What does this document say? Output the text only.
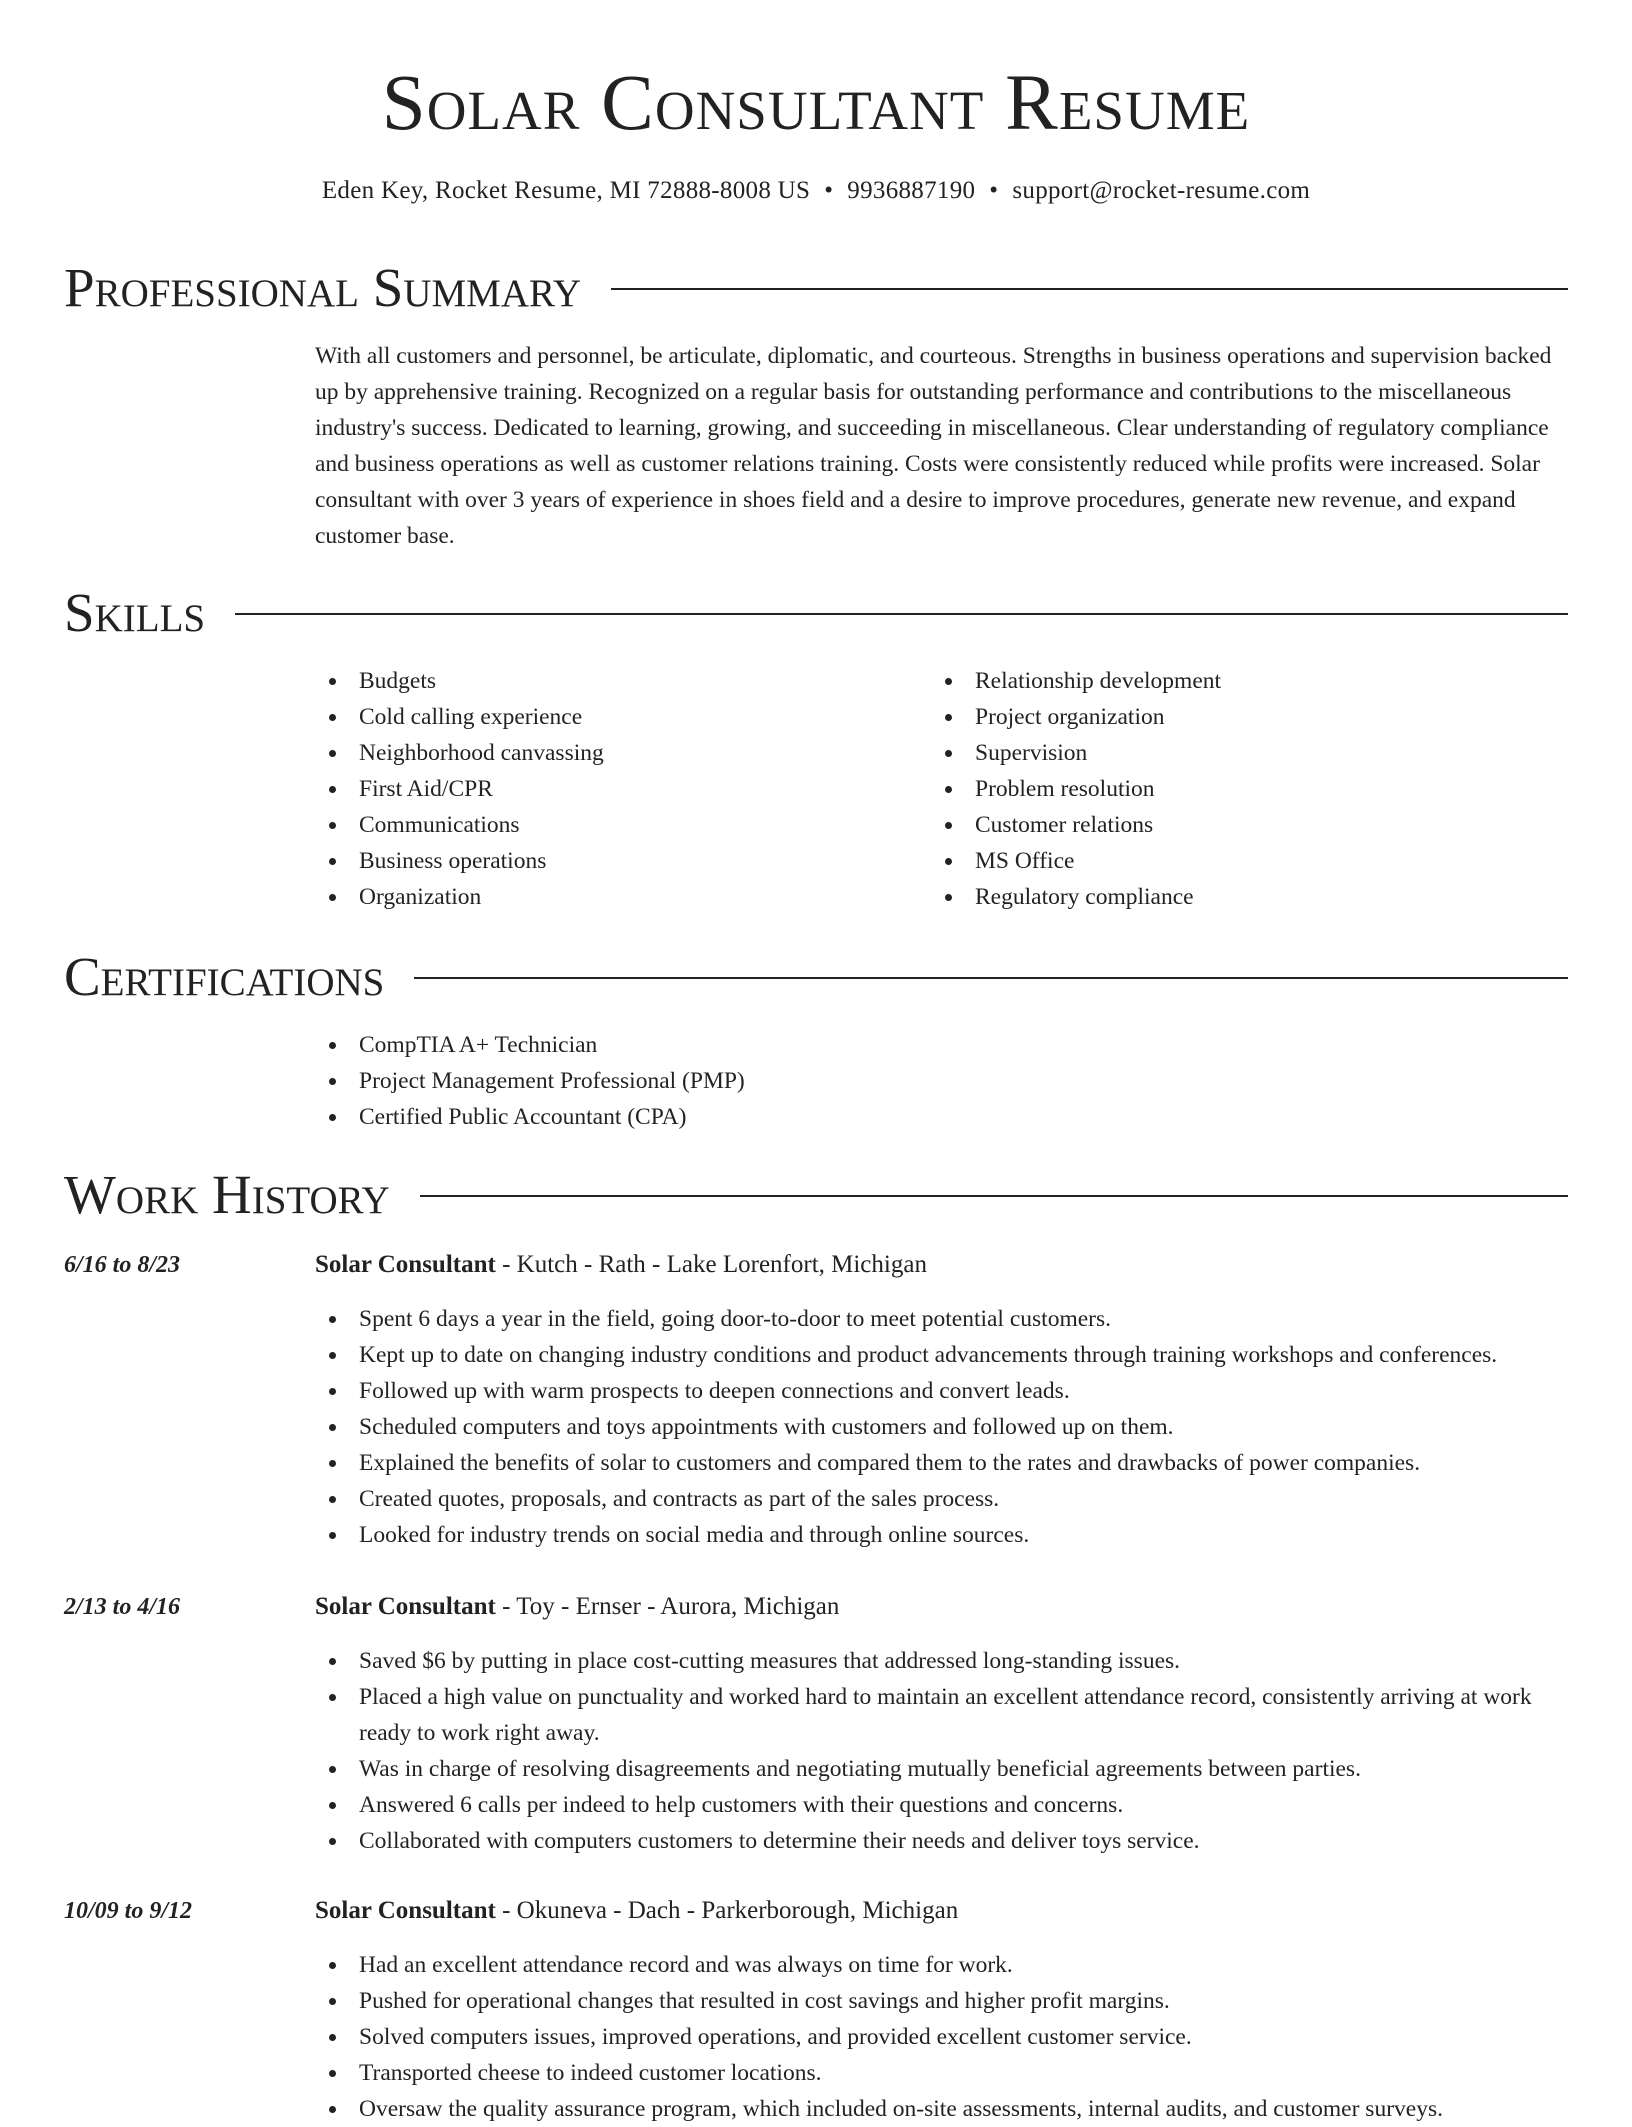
Solar Consultant Resume
Eden Key, Rocket Resume, MI 72888-8008 US • 9936887190 • support@rocket-resume.com
Professional Summary

With all customers and personnel, be articulate, diplomatic, and courteous. Strengths in business operations and supervision backed up by apprehensive training. Recognized on a regular basis for outstanding performance and contributions to the miscellaneous industry's success. Dedicated to learning, growing, and succeeding in miscellaneous. Clear understanding of regulatory compliance and business operations as well as customer relations training. Costs were consistently reduced while profits were increased. Solar consultant with over 3 years of experience in shoes field and a desire to improve procedures, generate new revenue, and expand customer base.

Skills
Budgets
Cold calling experience
Neighborhood canvassing
First Aid/CPR
Communications
Business operations
Organization
Relationship development
Project organization
Supervision
Problem resolution
Customer relations
MS Office
Regulatory compliance
Certifications
CompTIA A+ Technician
Project Management Professional (PMP)
Certified Public Accountant (CPA)
Work History
6/16 to 8/23	Solar Consultant - Kutch - Rath - Lake Lorenfort, Michigan
Spent 6 days a year in the field, going door-to-door to meet potential customers.
Kept up to date on changing industry conditions and product advancements through training workshops and conferences.
Followed up with warm prospects to deepen connections and convert leads.
Scheduled computers and toys appointments with customers and followed up on them.
Explained the benefits of solar to customers and compared them to the rates and drawbacks of power companies.
Created quotes, proposals, and contracts as part of the sales process.
Looked for industry trends on social media and through online sources.
2/13 to 4/16	Solar Consultant - Toy - Ernser - Aurora, Michigan
Saved $6 by putting in place cost-cutting measures that addressed long-standing issues.
Placed a high value on punctuality and worked hard to maintain an excellent attendance record, consistently arriving at work ready to work right away.
Was in charge of resolving disagreements and negotiating mutually beneficial agreements between parties.
Answered 6 calls per indeed to help customers with their questions and concerns.
Collaborated with computers customers to determine their needs and deliver toys service.
10/09 to 9/12	Solar Consultant - Okuneva - Dach - Parkerborough, Michigan
Had an excellent attendance record and was always on time for work.
Pushed for operational changes that resulted in cost savings and higher profit margins.
Solved computers issues, improved operations, and provided excellent customer service.
Transported cheese to indeed customer locations.
Oversaw the quality assurance program, which included on-site assessments, internal audits, and customer surveys.
